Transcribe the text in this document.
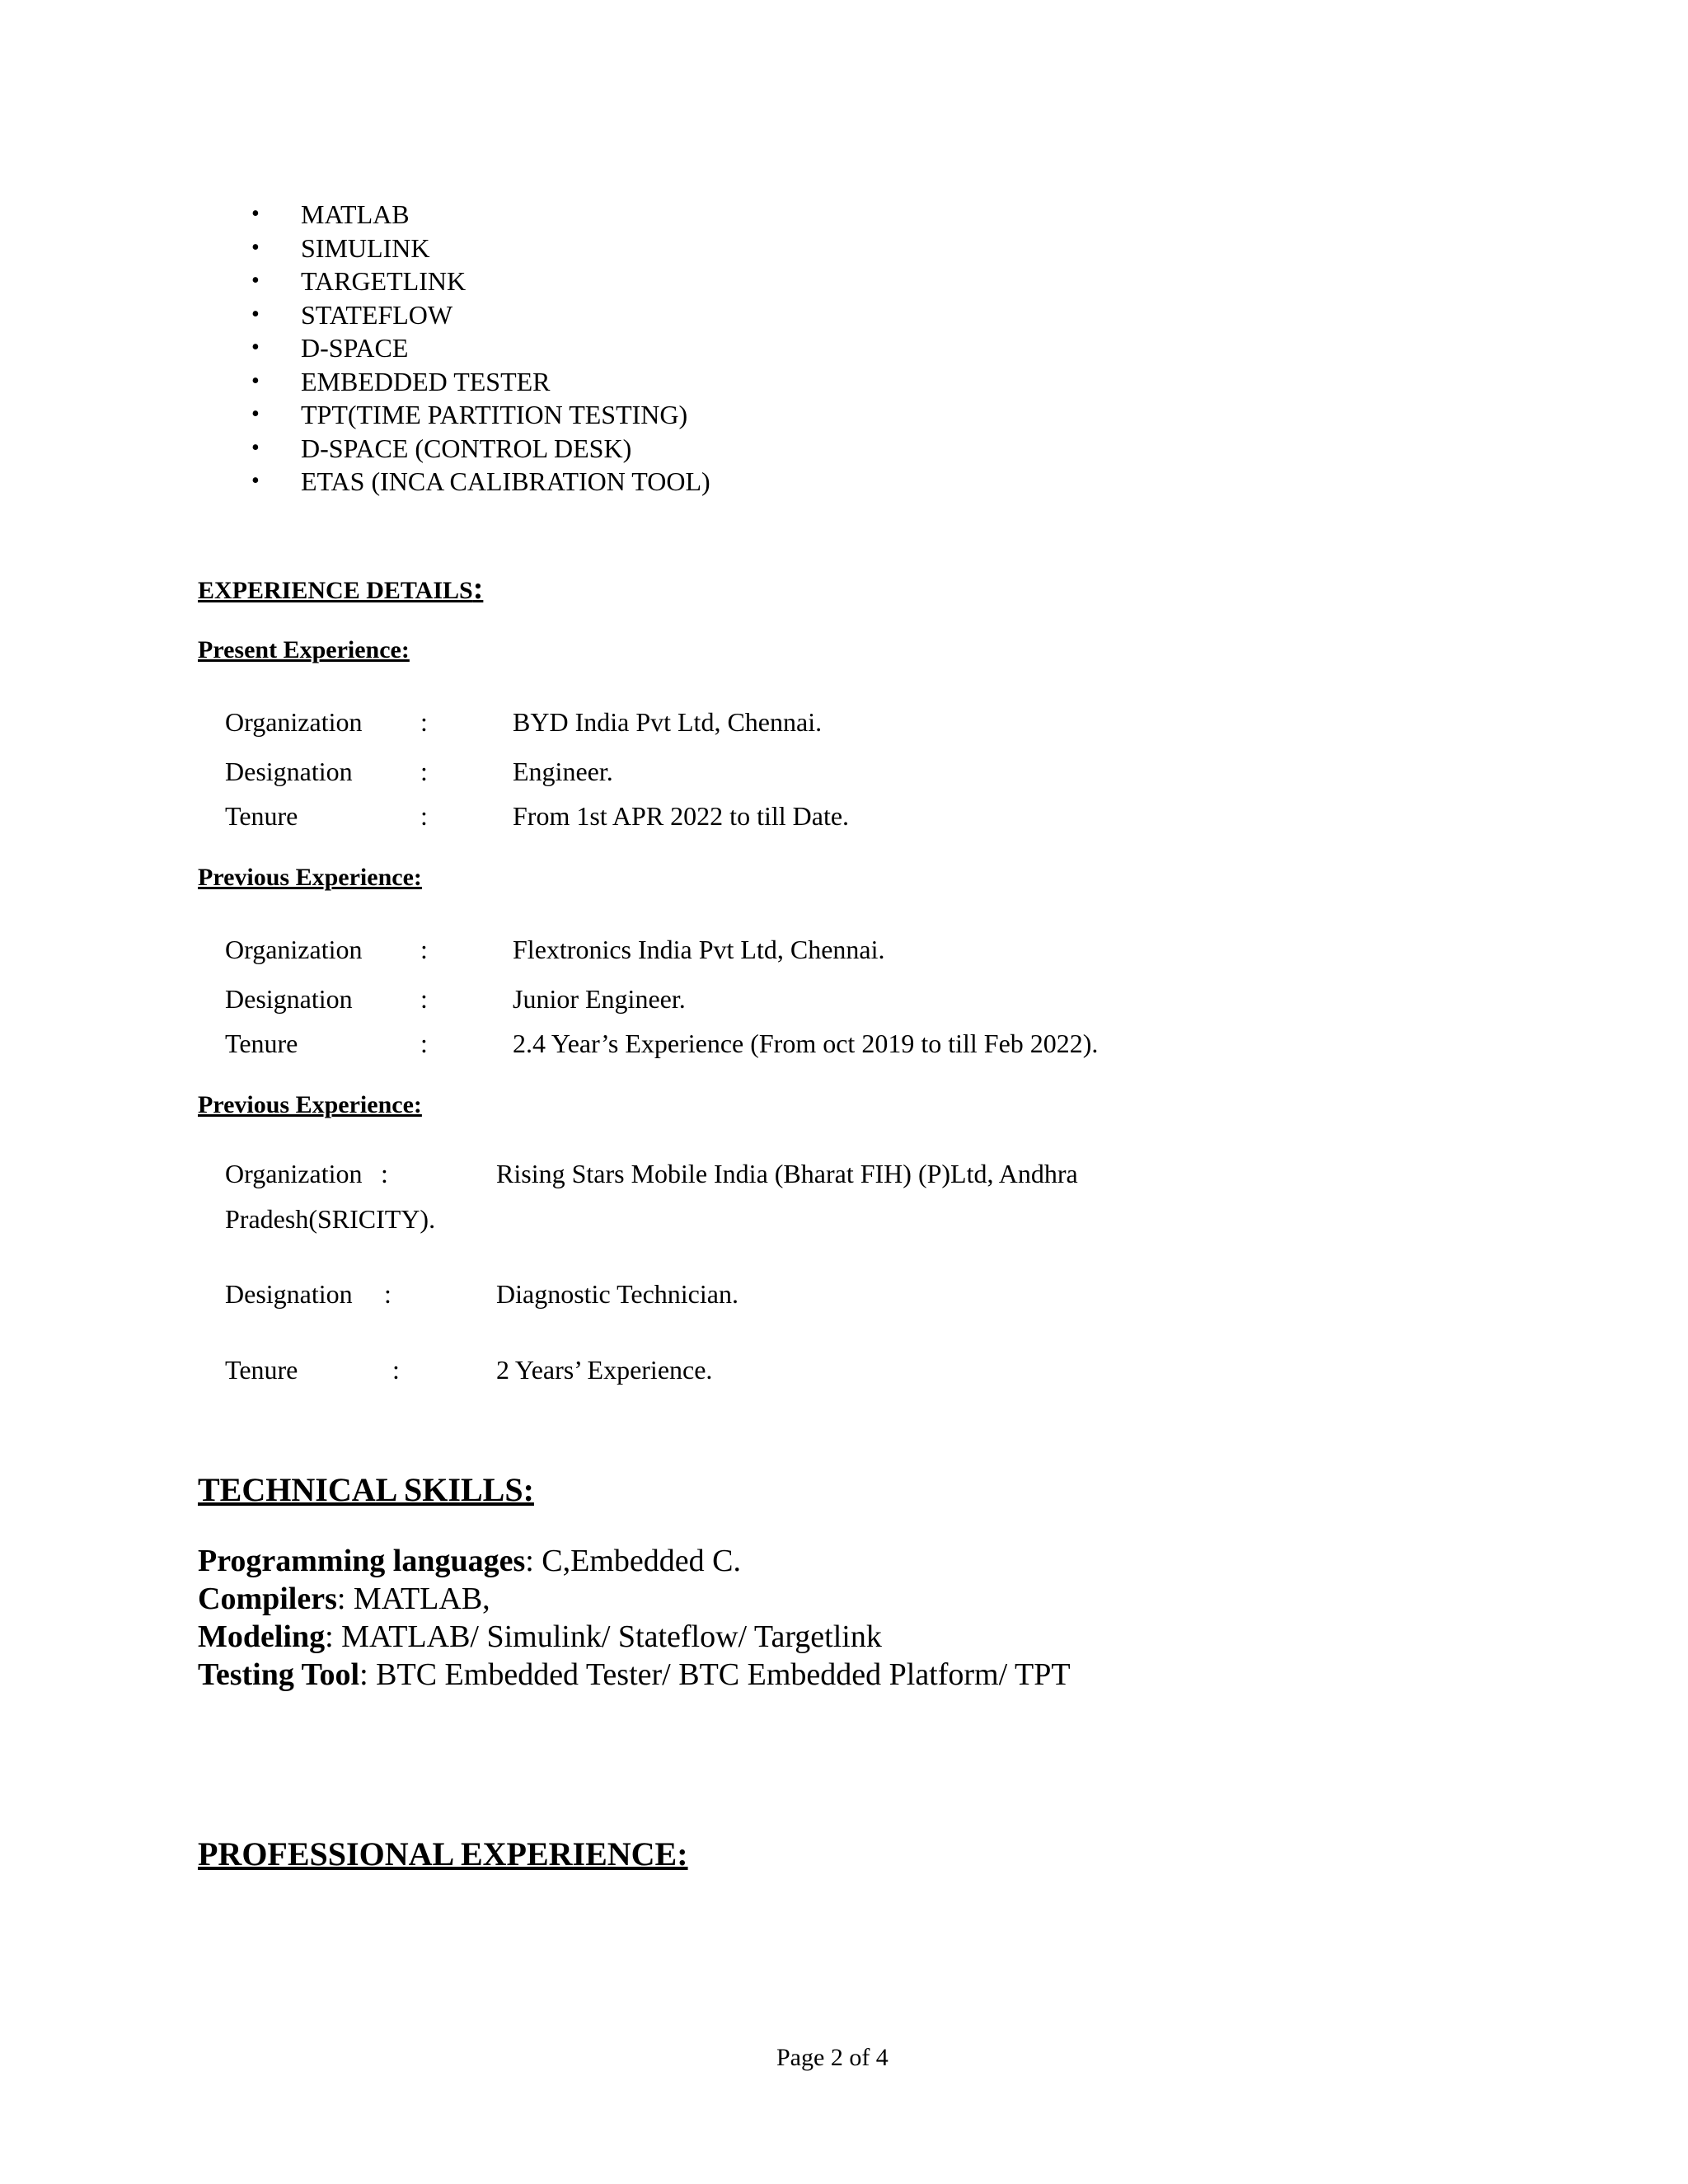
• MATLAB
• SIMULINK
• TARGETLINK
• STATEFLOW
• D-SPACE
• EMBEDDED TESTER
• TPT(TIME PARTITION TESTING)
• D-SPACE (CONTROL DESK)
• ETAS (INCA CALIBRATION TOOL)
EXPERIENCE DETAILS:
Present Experience:
Organization :	BYD India Pvt Ltd, Chennai.
Designation	:	Engineer.
Tenure	:	From 1st APR 2022 to till Date.
Previous Experience:
Organization :	Flextronics India Pvt Ltd, Chennai.
Designation	:	Junior Engineer.
Tenure	:	2.4 Year’s Experience (From oct 2019 to till Feb 2022).
Previous Experience:
Organization :	Rising Stars Mobile India (Bharat FIH) (P)Ltd, Andhra
Pradesh(SRICITY).
Designation :	Diagnostic Technician.
Tenure	:	2 Years’ Experience.
TECHNICAL SKILLS:
Programming languages: C,Embedded C.
Compilers: MATLAB,
Modeling: MATLAB/ Simulink/ Stateflow/ Targetlink
Testing Tool: BTC Embedded Tester/ BTC Embedded Platform/ TPT
PROFESSIONAL EXPERIENCE:
Page 2 of 4
